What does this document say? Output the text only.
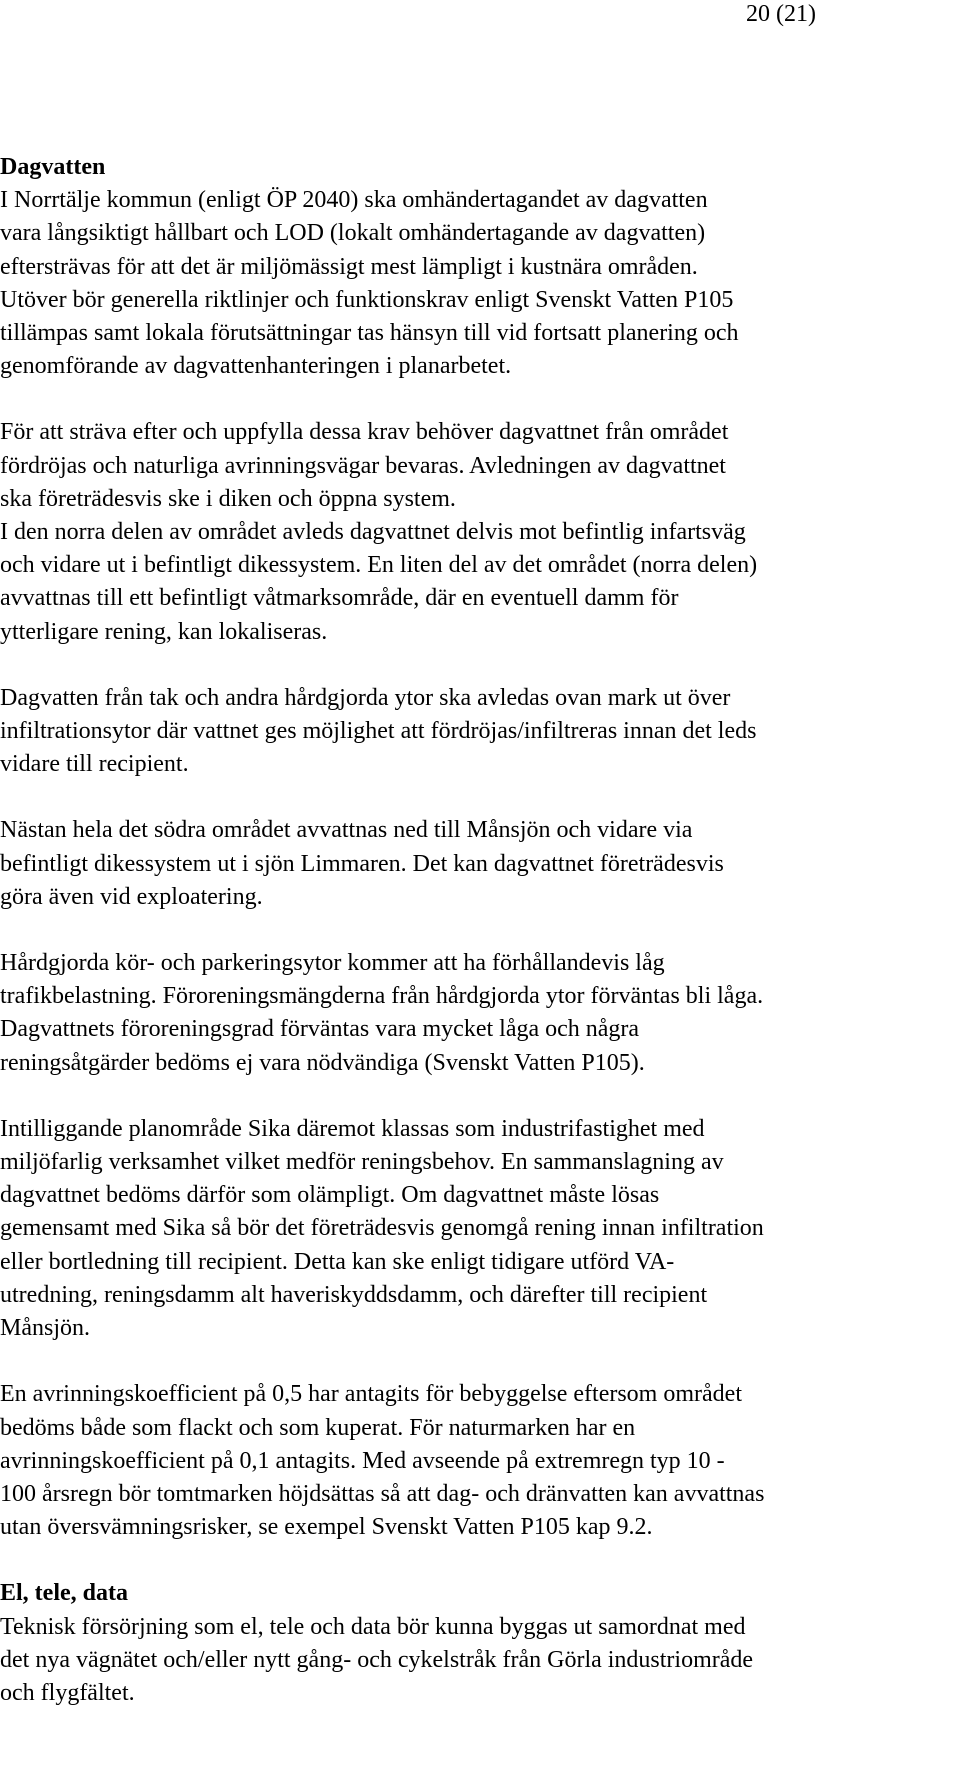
20 (21)
Dagvatten
I Norrtälje kommun (enligt ÖP 2040) ska omhändertagandet av dagvatten
vara långsiktigt hållbart och LOD (lokalt omhändertagande av dagvatten)
eftersträvas för att det är miljömässigt mest lämpligt i kustnära områden.
Utöver bör generella riktlinjer och funktionskrav enligt Svenskt Vatten P105
tillämpas samt lokala förutsättningar tas hänsyn till vid fortsatt planering och
genomförande av dagvattenhanteringen i planarbetet.
För att sträva efter och uppfylla dessa krav behöver dagvattnet från området
fördröjas och naturliga avrinningsvägar bevaras. Avledningen av dagvattnet
ska företrädesvis ske i diken och öppna system.
I den norra delen av området avleds dagvattnet delvis mot befintlig infartsväg
och vidare ut i befintligt dikessystem. En liten del av det området (norra delen)
avvattnas till ett befintligt våtmarksområde, där en eventuell damm för
ytterligare rening, kan lokaliseras.
Dagvatten från tak och andra hårdgjorda ytor ska avledas ovan mark ut över
infiltrationsytor där vattnet ges möjlighet att fördröjas/infiltreras innan det leds
vidare till recipient.
Nästan hela det södra området avvattnas ned till Månsjön och vidare via
befintligt dikessystem ut i sjön Limmaren. Det kan dagvattnet företrädesvis
göra även vid exploatering.
Hårdgjorda kör- och parkeringsytor kommer att ha förhållandevis låg
trafikbelastning. Föroreningsmängderna från hårdgjorda ytor förväntas bli låga.
Dagvattnets föroreningsgrad förväntas vara mycket låga och några
reningsåtgärder bedöms ej vara nödvändiga (Svenskt Vatten P105).
Intilliggande planområde Sika däremot klassas som industrifastighet med
miljöfarlig verksamhet vilket medför reningsbehov. En sammanslagning av
dagvattnet bedöms därför som olämpligt. Om dagvattnet måste lösas
gemensamt med Sika så bör det företrädesvis genomgå rening innan infiltration
eller bortledning till recipient. Detta kan ske enligt tidigare utförd VA-
utredning, reningsdamm alt haveriskyddsdamm, och därefter till recipient
Månsjön.
En avrinningskoefficient på 0,5 har antagits för bebyggelse eftersom området
bedöms både som flackt och som kuperat. För naturmarken har en
avrinningskoefficient på 0,1 antagits. Med avseende på extremregn typ 10 -
100 årsregn bör tomtmarken höjdsättas så att dag- och dränvatten kan avvattnas
utan översvämningsrisker, se exempel Svenskt Vatten P105 kap 9.2.
El, tele, data
Teknisk försörjning som el, tele och data bör kunna byggas ut samordnat med
det nya vägnätet och/eller nytt gång- och cykelstråk från Görla industriområde
och flygfältet.
